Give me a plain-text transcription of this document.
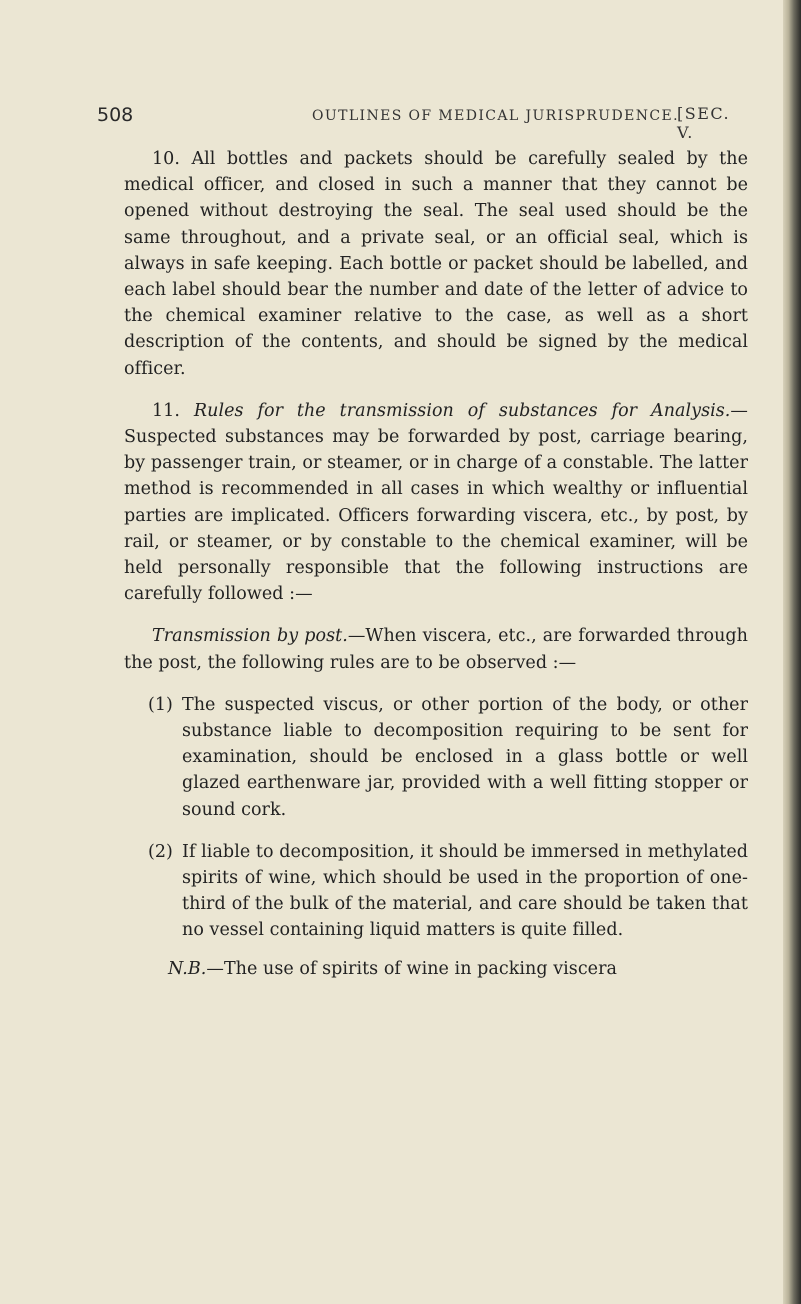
508	OUTLINES OF MEDICAL JURISPRUDENCE.
[SEC. V.

10. All bottles and packets should be carefully sealed by the medical officer, and closed in such a manner that they cannot be opened without destroying the seal. The seal used should be the same throughout, and a private seal, or an official seal, which is always in safe keeping. Each bottle or packet should be labelled, and each label should bear the number and date of the letter of advice to the chemical examiner relative to the case, as well as a short description of the contents, and should be signed by the medical officer.

11. Rules for the transmission of substances for Analysis.—Suspected substances may be forwarded by post, carriage bearing, by passenger train, or steamer, or in charge of a constable. The latter method is recommended in all cases in which wealthy or influential parties are implicated. Officers forwarding viscera, etc., by post, by rail, or steamer, or by constable to the chemical examiner, will be held personally responsible that the following instructions are carefully followed :—

Transmission by post.—When viscera, etc., are forwarded through the post, the following rules are to be observed :—

(1) The suspected viscus, or other portion of the body, or other substance liable to decomposition requiring to be sent for examination, should be enclosed in a glass bottle or well glazed earthenware jar, provided with a well fitting stopper or sound cork.
(2) If liable to decomposition, it should be immersed in methylated spirits of wine, which should be used in the proportion of one-third of the bulk of the material, and care should be taken that no vessel containing liquid matters is quite filled.

N.B.—The use of spirits of wine in packing viscera
